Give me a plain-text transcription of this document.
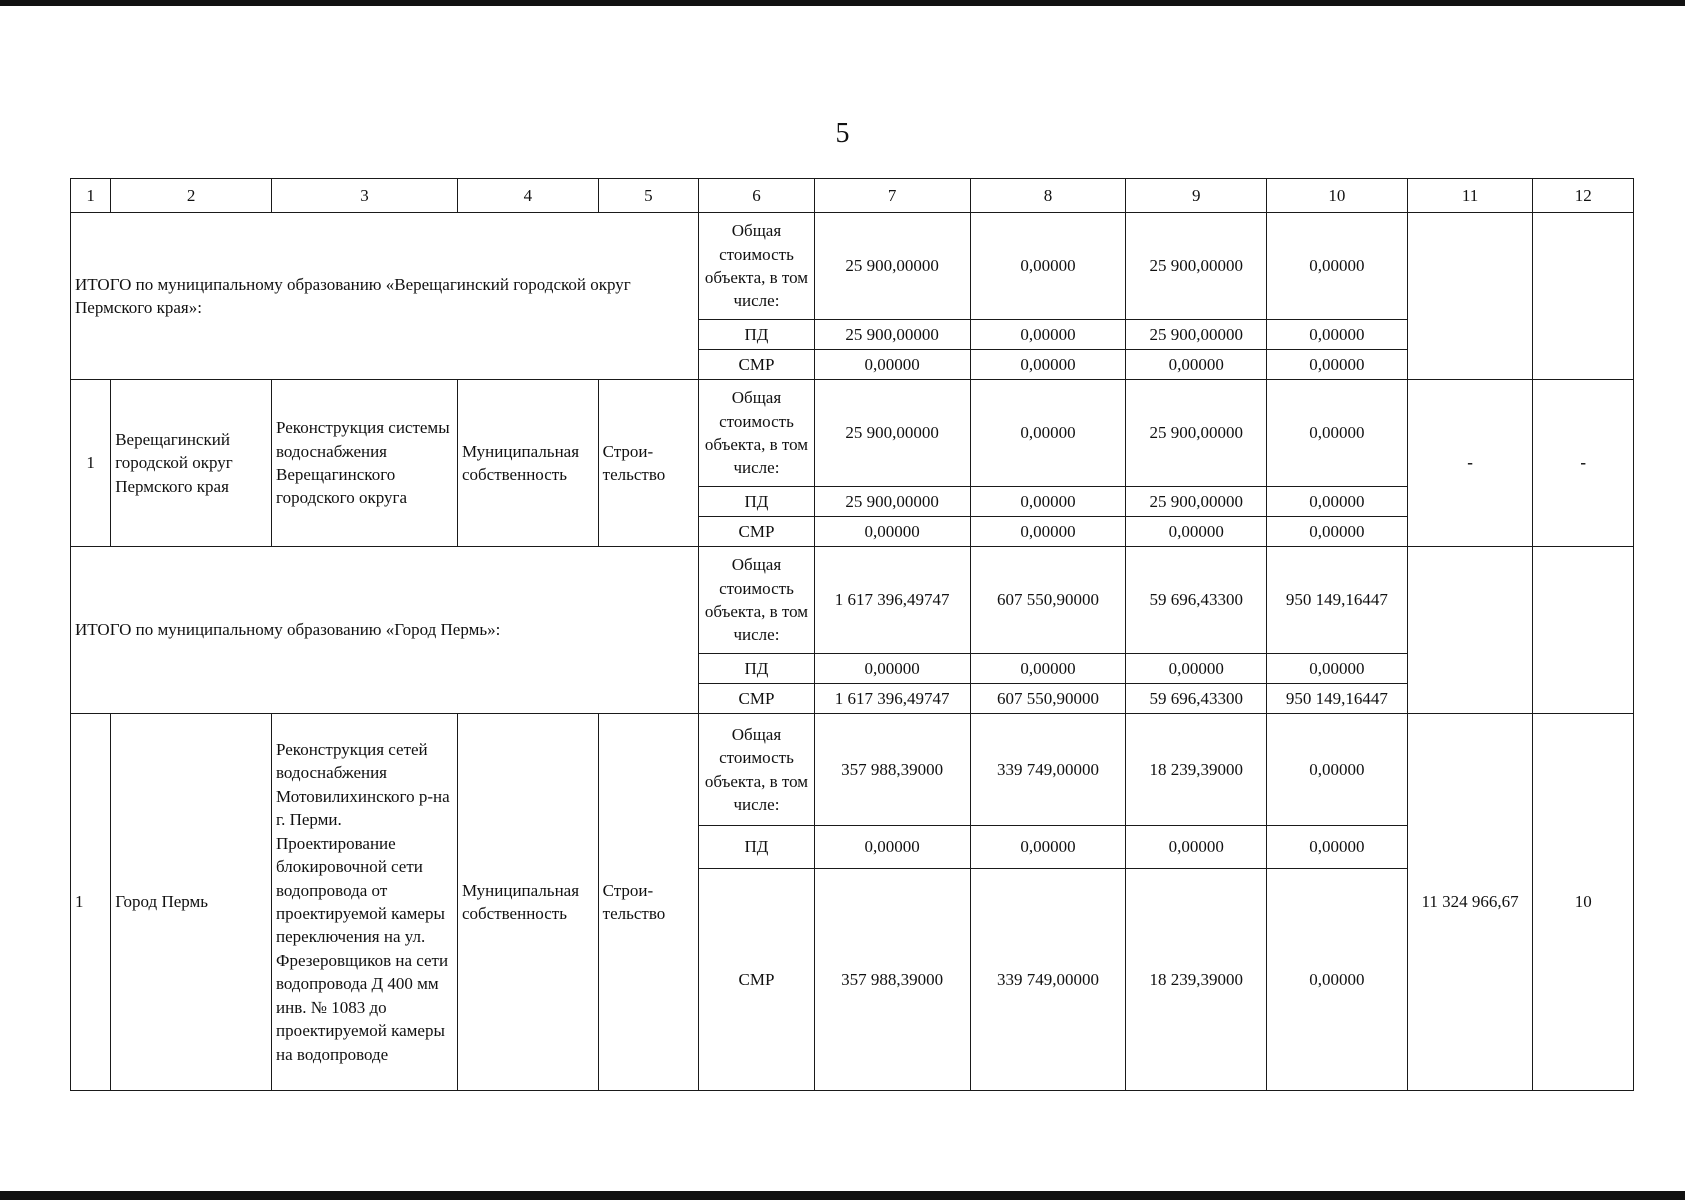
5
1	2	3	4	5	6	7	8	9	10	11	12
ИТОГО по муниципальному образованию «Верещагинский городской округ Пермского края»:					Общая стоимость объекта, в том числе:	25 900,00000	0,00000	25 900,00000	0,00000		
					ПД	25 900,00000	0,00000	25 900,00000	0,00000		
					СМР	0,00000	0,00000	0,00000	0,00000		
1	Верещагинский городской округ Пермского края	Реконструкция системы водоснабжения Верещагинского городского округа	Муниципальная собственность	Строи-тельство	Общая стоимость объекта, в том числе:	25 900,00000	0,00000	25 900,00000	0,00000	-	-
					ПД	25 900,00000	0,00000	25 900,00000	0,00000		
					СМР	0,00000	0,00000	0,00000	0,00000		
ИТОГО по муниципальному образованию «Город Пермь»:					Общая стоимость объекта, в том числе:	1 617 396,49747	607 550,90000	59 696,43300	950 149,16447		
					ПД	0,00000	0,00000	0,00000	0,00000		
					СМР	1 617 396,49747	607 550,90000	59 696,43300	950 149,16447		
1	Город Пермь	Реконструкция сетей водоснабжения Мотовилихинского р-на г. Перми. Проектирование блокировочной сети водопровода от проектируемой камеры переключения на ул. Фрезеровщиков на сети водопровода Д 400 мм инв. № 1083 до проектируемой камеры на водопроводе	Муниципальная собственность	Строи-тельство	Общая стоимость объекта, в том числе:	357 988,39000	339 749,00000	18 239,39000	0,00000	11 324 966,67	10
					ПД	0,00000	0,00000	0,00000	0,00000		
					СМР	357 988,39000	339 749,00000	18 239,39000	0,00000		
